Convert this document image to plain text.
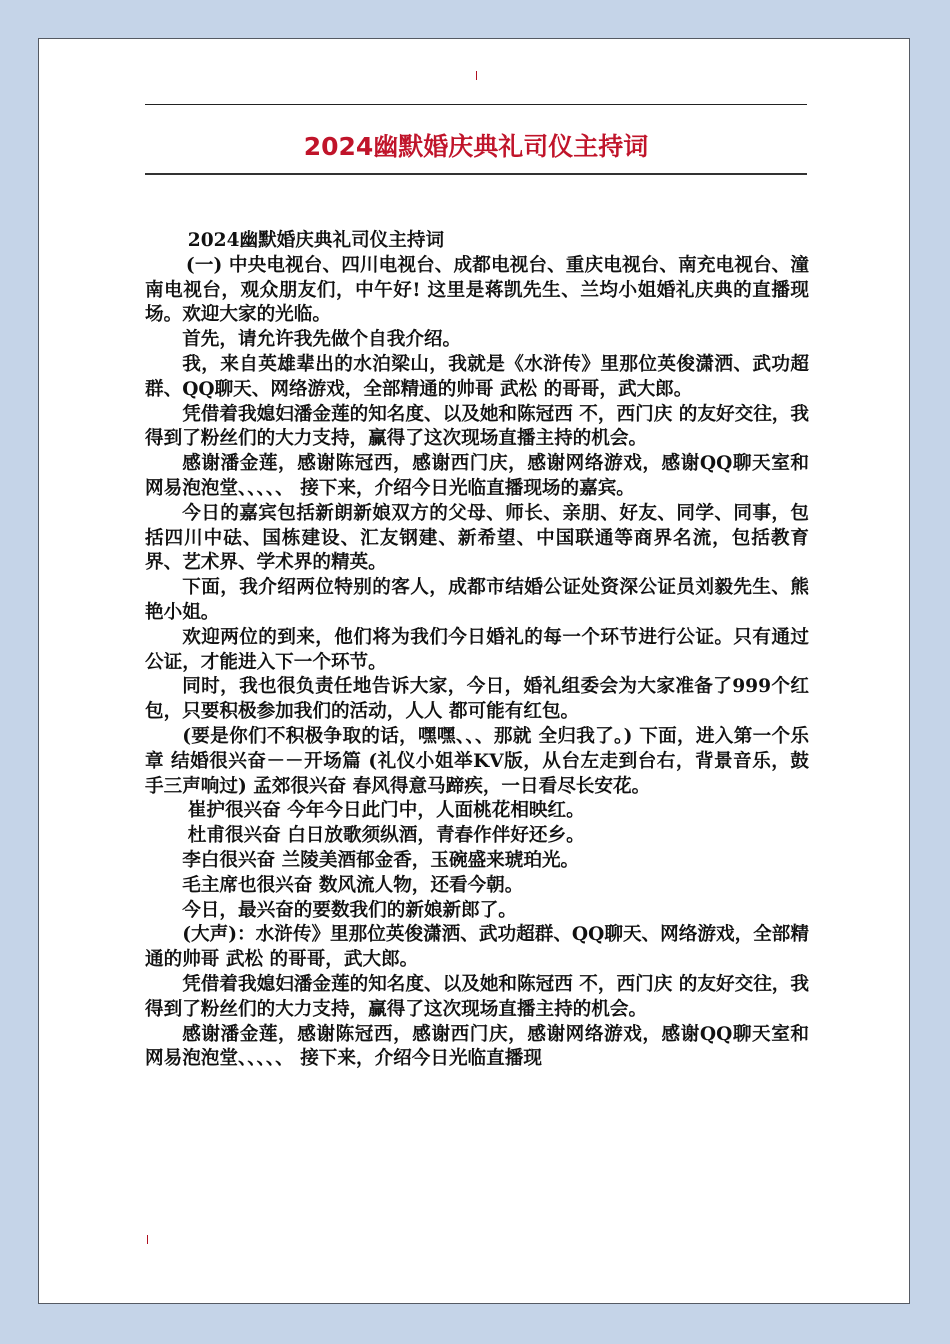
2024幽默婚庆典礼司仪主持词

2024幽默婚庆典礼司仪主持词

(一) 中央电视台、四川电视台、成都电视台、重庆电视台、南充电视台、潼南电视台，观众朋友们，中午好! 这里是蒋凯先生、兰均小姐婚礼庆典的直播现场。欢迎大家的光临。

首先，请允许我先做个自我介绍。

我，来自英雄辈出的水泊梁山，我就是《水浒传》里那位英俊潇洒、武功超群、QQ聊天、网络游戏，全部精通的帅哥 武松 的哥哥，武大郎。

凭借着我媳妇潘金莲的知名度、以及她和陈冠西 不，西门庆 的友好交往，我得到了粉丝们的大力支持，赢得了这次现场直播主持的机会。

感谢潘金莲，感谢陈冠西，感谢西门庆，感谢网络游戏，感谢QQ聊天室和网易泡泡堂、、、、、 接下来，介绍今日光临直播现场的嘉宾。

今日的嘉宾包括新朗新娘双方的父母、师长、亲朋、好友、同学、同事，包括四川中砝、国栋建设、汇友钢建、新希望、中国联通等商界名流，包括教育界、艺术界、学术界的精英。

下面，我介绍两位特别的客人，成都市结婚公证处资深公证员刘毅先生、熊艳小姐。

欢迎两位的到来，他们将为我们今日婚礼的每一个环节进行公证。只有通过公证，才能进入下一个环节。

同时，我也很负责任地告诉大家，今日，婚礼组委会为大家准备了999个红包，只要积极参加我们的活动，人人 都可能有红包。

(要是你们不积极争取的话，嘿嘿、、、那就 全归我了。) 下面，进入第一个乐章 结婚很兴奋－－开场篇 (礼仪小姐举KV版，从台左走到台右，背景音乐，鼓手三声响过) 孟郊很兴奋 春风得意马蹄疾，一日看尽长安花。

崔护很兴奋 今年今日此门中，人面桃花相映红。

杜甫很兴奋 白日放歌须纵酒，青春作伴好还乡。

李白很兴奋 兰陵美酒郁金香，玉碗盛来琥珀光。

毛主席也很兴奋 数风流人物，还看今朝。

今日，最兴奋的要数我们的新娘新郎了。

(大声)：水浒传》里那位英俊潇洒、武功超群、QQ聊天、网络游戏，全部精通的帅哥 武松 的哥哥，武大郎。

凭借着我媳妇潘金莲的知名度、以及她和陈冠西 不，西门庆 的友好交往，我得到了粉丝们的大力支持，赢得了这次现场直播主持的机会。

感谢潘金莲，感谢陈冠西，感谢西门庆，感谢网络游戏，感谢QQ聊天室和网易泡泡堂、、、、、 接下来，介绍今日光临直播现
